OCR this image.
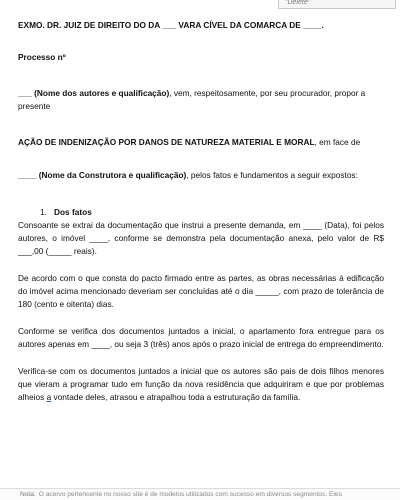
"Delete"

EXMO. DR. JUIZ DE DIREITO DO DA ___ VARA CÍVEL DA COMARCA DE ____.

Processo nº

___ (Nome dos autores e qualificação), vem, respeitosamente, por seu procurador, propor a presente

AÇÃO DE INDENIZAÇÃO POR DANOS DE NATUREZA MATERIAL E MORAL, em face de

____ (Nome da Construtora e qualificação), pelos fatos e fundamentos a seguir expostos:

1. Dos fatos

Consoante se extrai da documentação que instrui a presente demanda, em ____ (Data), foi pelos autores, o imóvel ____, conforme se demonstra pela documentação anexa, pelo valor de R$ ___,00 (_____ reais).

De acordo com o que consta do pacto firmado entre as partes, as obras necessárias à edificação do imóvel acima mencionado deveriam ser concluídas até o dia _____, com prazo de tolerância de 180 (cento e oitenta) dias.

Conforme se verifica dos documentos juntados a inicial, o apartamento fora entregue para os autores apenas em ____, ou seja 3 (três) anos após o prazo inicial de entrega do empreendimento.

Verifica-se com os documentos juntados a inicial que os autores são pais de dois filhos menores que vieram a programar tudo em função da nova residência que adquiriram e que por problemas alheios a vontade deles, atrasou e atrapalhou toda a estruturação da família.

Nota: O acervo pertencente no nosso site é de modelos utilizados com sucesso em diversos segmentos. Eles
